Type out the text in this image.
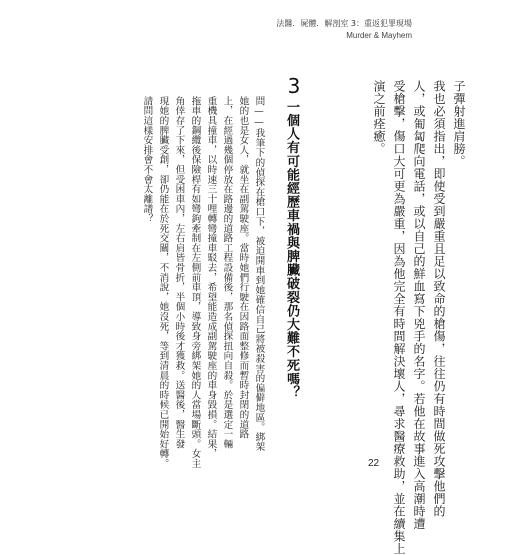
法醫．屍體．解剖室 3：重返犯罪現場
Murder & Mayhem
子彈射進肩膀。
我也必須指出，即使受到嚴重且足以致命的槍傷，往往仍有時間做死攻擊他們的
人，或匍匐爬向電話，或以自己的鮮血寫下兇手的名字。若他在故事進入高潮時遭
受槍擊，傷口大可更為嚴重，因為他完全有時間解決壞人，尋求醫療救助，並在續集上
演之前痊癒。
3
一個人有可能經歷車禍與脾臟破裂仍大難不死嗎？
問——我筆下的偵探在槍口下，被迫開車到她確信自己將被殺害的偏僻地區。綁架
她的也是女人，就坐在副駕駛座。當時她們行駛在因路面整修而暫時封閉的道路
上，在經過幾個停放在路邊的道路工程設備後，那名偵探扭向自殺。於是選定一輛
重機具撞車，以時速三十哩轉彎撞車駁去，希望能造成副駕駛座的車身毀損。結果，
拖車的鋼纜後保險桿有如彎鉤牽制在左側前車頂，導致身旁綁架她的人當場斷頭。女主
角倖存了下來，但受困車內，左右肩皆骨折，半個小時後才獲救。送醫後，醫生發
現她的脾臟受創，卻仍能在於死交關，不消說，她沒死，等到清晨的時候已開始好轉。
請問這樣安排會不會太離譜？
22
